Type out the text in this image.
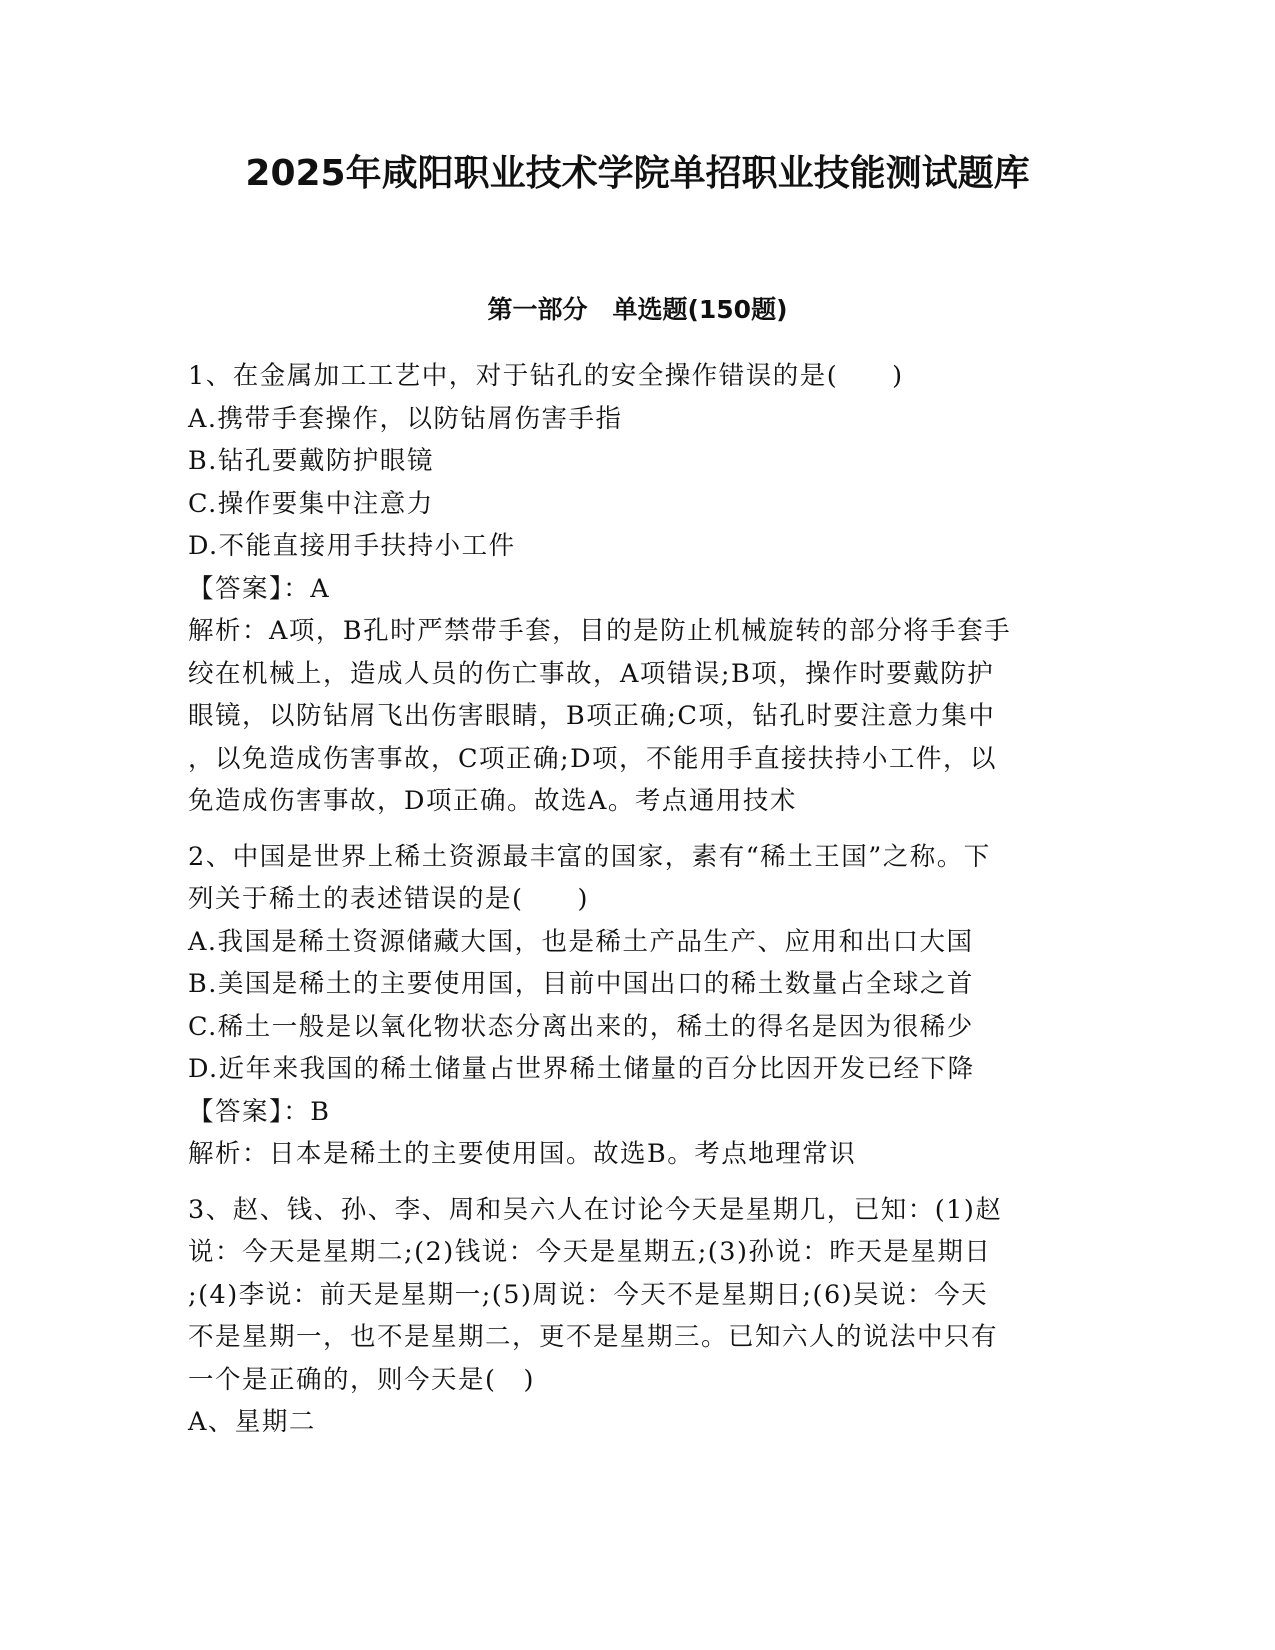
2025年咸阳职业技术学院单招职业技能测试题库
第一部分　单选题(150题)
1、在金属加工工艺中，对于钻孔的安全操作错误的是(　　)
A.携带手套操作，以防钻屑伤害手指
B.钻孔要戴防护眼镜
C.操作要集中注意力
D.不能直接用手扶持小工件
【答案】：A
解析：A项，B孔时严禁带手套，目的是防止机械旋转的部分将手套手
绞在机械上，造成人员的伤亡事故，A项错误;B项，操作时要戴防护
眼镜，以防钻屑飞出伤害眼睛，B项正确;C项，钻孔时要注意力集中
，以免造成伤害事故，C项正确;D项，不能用手直接扶持小工件，以
免造成伤害事故，D项正确。故选A。考点通用技术
2、中国是世界上稀土资源最丰富的国家，素有“稀土王国”之称。下
列关于稀土的表述错误的是(　　)
A.我国是稀土资源储藏大国，也是稀土产品生产、应用和出口大国
B.美国是稀土的主要使用国，目前中国出口的稀土数量占全球之首
C.稀土一般是以氧化物状态分离出来的，稀土的得名是因为很稀少
D.近年来我国的稀土储量占世界稀土储量的百分比因开发已经下降
【答案】：B
解析：日本是稀土的主要使用国。故选B。考点地理常识
3、赵、钱、孙、李、周和吴六人在讨论今天是星期几，已知：(1)赵
说：今天是星期二;(2)钱说：今天是星期五;(3)孙说：昨天是星期日
;(4)李说：前天是星期一;(5)周说：今天不是星期日;(6)吴说：今天
不是星期一，也不是星期二，更不是星期三。已知六人的说法中只有
一个是正确的，则今天是(　)
A、星期二
